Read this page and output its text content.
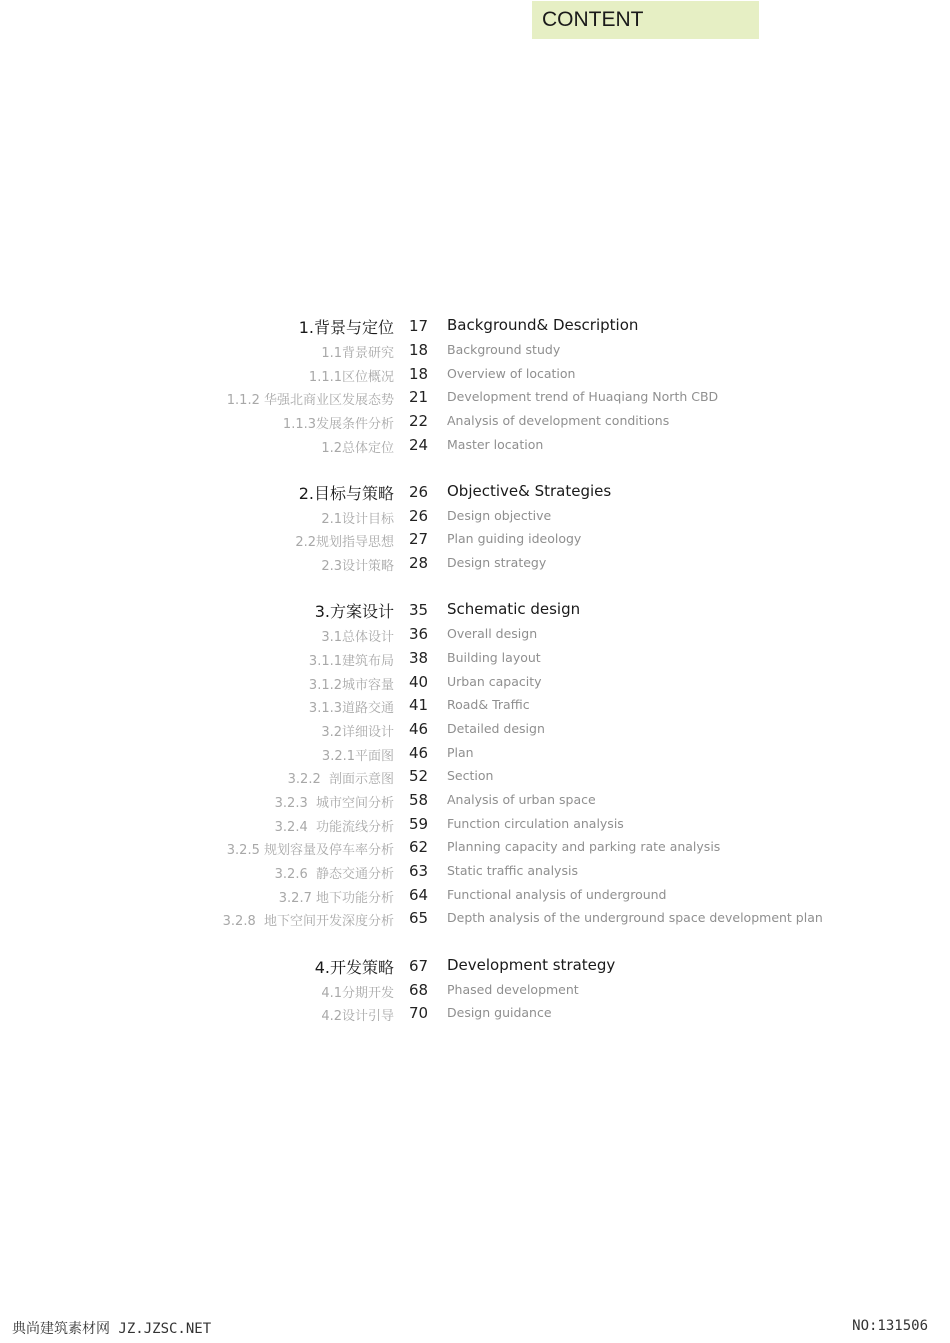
CONTENT
1.背景与定位 17	Background& Description
1.1背景研究 18	Background study
1.1.1区位概况 18	Overview of location
1.1.2 华强北商业区发展态势 21	Development trend of Huaqiang North CBD
1.1.3发展条件分析 22	Analysis of development conditions
1.2总体定位 24	Master location
2.目标与策略 26	Objective& Strategies
2.1设计目标 26	Design objective
2.2规划指导思想 27	Plan guiding ideology
2.3设计策略 28	Design strategy
3.方案设计 35	Schematic design
3.1总体设计 36	Overall design
3.1.1建筑布局 38	Building layout
3.1.2城市容量 40	Urban capacity
3.1.3道路交通 41	Road& Traffic
3.2详细设计 46	Detailed design
3.2.1平面图 46	Plan
3.2.2  剖面示意图 52	Section
3.2.3  城市空间分析 58	Analysis of urban space
3.2.4  功能流线分析 59	Function circulation analysis
3.2.5 规划容量及停车率分析 62	Planning capacity and parking rate analysis
3.2.6  静态交通分析 63	Static traffic analysis
3.2.7 地下功能分析 64	Functional analysis of underground
3.2.8  地下空间开发深度分析 65	Depth analysis of the underground space development plan
4.开发策略 67	Development strategy
4.1分期开发 68	Phased development
4.2设计引导 70	Design guidance
典尚建筑素材网 JZ.JZSC.NET	NO:131506
